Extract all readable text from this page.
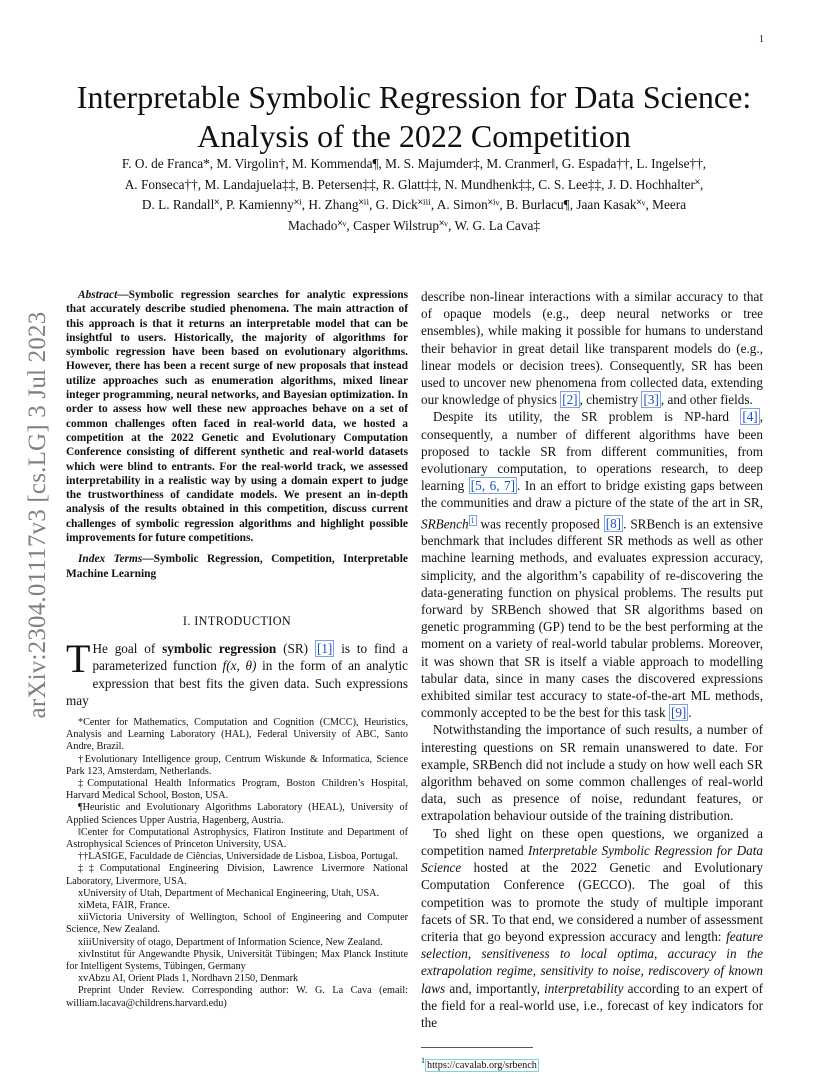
1
arXiv:2304.01117v3 [cs.LG] 3 Jul 2023
Interpretable Symbolic Regression for Data Science:
Analysis of the 2022 Competition
F. O. de Franca*, M. Virgolin†, M. Kommenda¶, M. S. Majumder‡, M. Cranmer‖, G. Espada††, L. Ingelse††,
A. Fonseca††, M. Landajuela‡‡, B. Petersen‡‡, R. Glatt‡‡, N. Mundhenk‡‡, C. S. Lee‡‡, J. D. Hochhalter˟,
D. L. Randall˟, P. Kamienny˟ⁱ, H. Zhang˟ⁱⁱ, G. Dick˟ⁱⁱⁱ, A. Simon˟ⁱᵛ, B. Burlacu¶, Jaan Kasak˟ᵛ, Meera
Machado˟ᵛ, Casper Wilstrup˟ᵛ, W. G. La Cava‡

Abstract—Symbolic regression searches for analytic expressions that accurately describe studied phenomena. The main attraction of this approach is that it returns an interpretable model that can be insightful to users. Historically, the majority of algorithms for symbolic regression have been based on evolutionary algorithms. However, there has been a recent surge of new proposals that instead utilize approaches such as enumeration algorithms, mixed linear integer programming, neural networks, and Bayesian optimization. In order to assess how well these new approaches behave on a set of common challenges often faced in real-world data, we hosted a competition at the 2022 Genetic and Evolutionary Computation Conference consisting of different synthetic and real-world datasets which were blind to entrants. For the real-world track, we assessed interpretability in a realistic way by using a domain expert to judge the trustworthiness of candidate models. We present an in-depth analysis of the results obtained in this competition, discuss current challenges of symbolic regression algorithms and highlight possible improvements for future competitions.

Index Terms—Symbolic Regression, Competition, Interpretable Machine Learning

I. INTRODUCTION

T He goal of symbolic regression (SR) [1] is to find a parameterized function f(x, θ) in the form of an analytic expression that best fits the given data. Such expressions may

*Center for Mathematics, Computation and Cognition (CMCC), Heuristics, Analysis and Learning Laboratory (HAL), Federal University of ABC, Santo Andre, Brazil.

†Evolutionary Intelligence group, Centrum Wiskunde & Informatica, Science Park 123, Amsterdam, Netherlands.

‡Computational Health Informatics Program, Boston Children’s Hospital, Harvard Medical School, Boston, USA.

¶Heuristic and Evolutionary Algorithms Laboratory (HEAL), University of Applied Sciences Upper Austria, Hagenberg, Austria.

‖Center for Computational Astrophysics, Flatiron Institute and Department of Astrophysical Sciences of Princeton University, USA.

††LASIGE, Faculdade de Ciências, Universidade de Lisboa, Lisboa, Portugal.

‡‡Computational Engineering Division, Lawrence Livermore National Laboratory, Livermore, USA.

xUniversity of Utah, Department of Mechanical Engineering, Utah, USA.

xiMeta, FAIR, France.

xiiVictoria University of Wellington, School of Engineering and Computer Science, New Zealand.

xiiiUniversity of otago, Department of Information Science, New Zealand.

xivInstitut für Angewandte Physik, Universität Tübingen; Max Planck Institute for Intelligent Systems, Tübingen, Germany

xvAbzu AI, Orient Plads 1, Nordhavn 2150, Denmark

Preprint Under Review. Corresponding author: W. G. La Cava (email: william.lacava@childrens.harvard.edu)

describe non-linear interactions with a similar accuracy to that of opaque models (e.g., deep neural networks or tree ensembles), while making it possible for humans to understand their behavior in great detail like transparent models do (e.g., linear models or decision trees). Consequently, SR has been used to uncover new phenomena from collected data, extending our knowledge of physics [2] , chemistry [3] , and other fields.

Despite its utility, the SR problem is NP-hard [4] , consequently, a number of different algorithms have been proposed to tackle SR from different communities, from evolutionary computation, to operations research, to deep learning [5, 6, 7] . In an effort to bridge existing gaps between the communities and draw a picture of the state of the art in SR, SRBench $^1$ was recently proposed [8] . SRBench is an extensive benchmark that includes different SR methods as well as other machine learning methods, and evaluates expression accuracy, simplicity, and the algorithm’s capability of re-discovering the data-generating function on physical problems. The results put forward by SRBench showed that SR algorithms based on genetic programming (GP) tend to be the best performing at the moment on a variety of real-world tabular problems. Moreover, it was shown that SR is itself a viable approach to modelling tabular data, since in many cases the discovered expressions exhibited similar test accuracy to state-of-the-art ML methods, commonly accepted to be the best for this task [9] .

Notwithstanding the importance of such results, a number of interesting questions on SR remain unanswered to date. For example, SRBench did not include a study on how well each SR algorithm behaved on some common challenges of real-world data, such as presence of noise, redundant features, or extrapolation behaviour outside of the training distribution.

To shed light on these open questions, we organized a competition named Interpretable Symbolic Regression for Data Science hosted at the 2022 Genetic and Evolutionary Computation Conference (GECCO). The goal of this competition was to promote the study of multiple imporant facets of SR. To that end, we considered a number of assessment criteria that go beyond expression accuracy and length: feature selection, sensitiveness to local optima, accuracy in the extrapolation regime, sensitivity to noise, rediscovery of known laws and, importantly, interpretability according to an expert of the field for a real-world use, i.e., forecast of key indicators for the

$^1$ https://cavalab.org/srbench
